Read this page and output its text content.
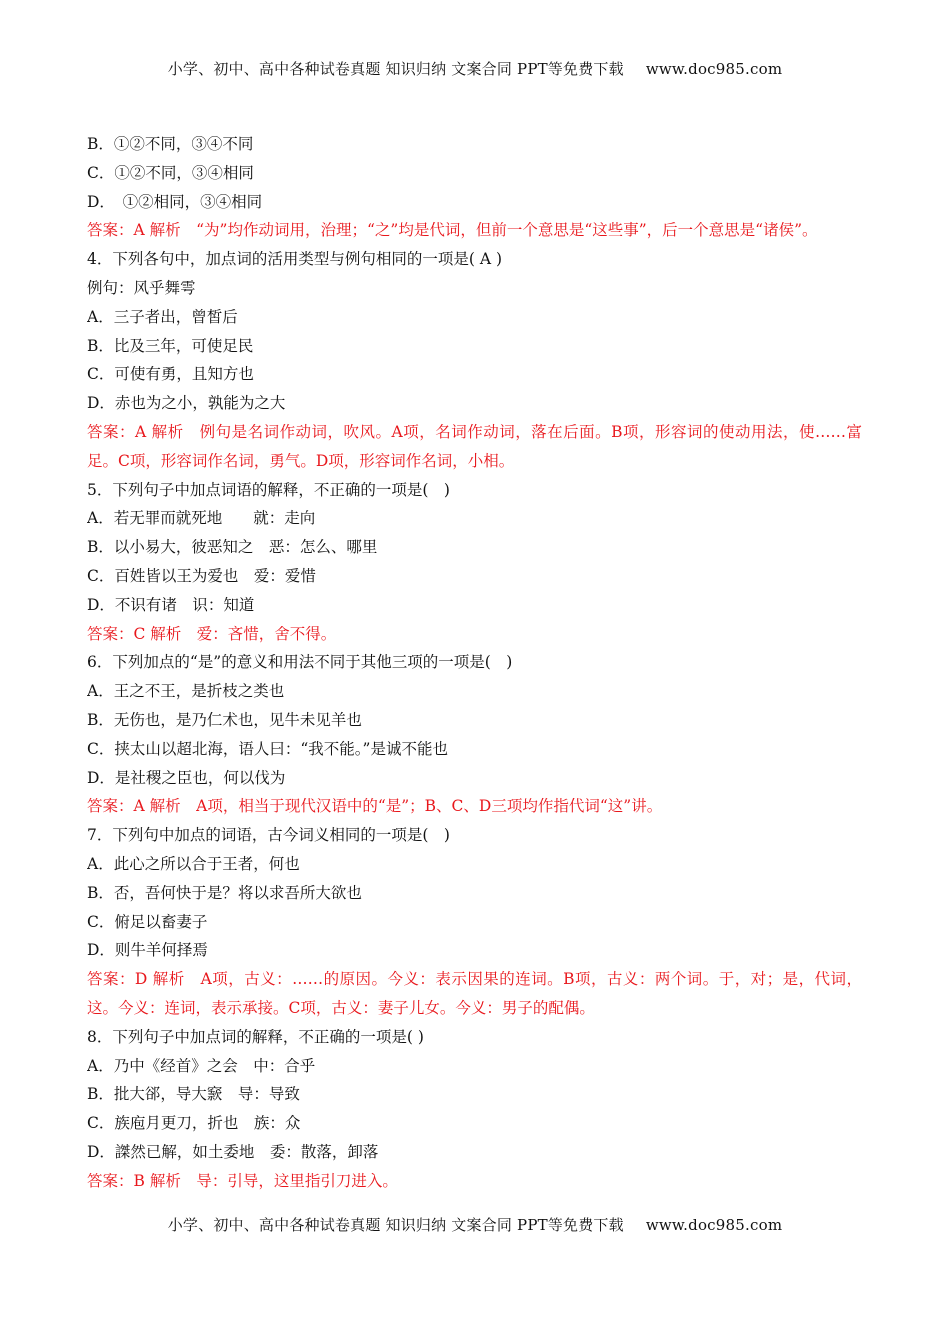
小学、初中、高中各种试卷真题 知识归纳 文案合同 PPT等免费下载 www.doc985.com
B．①②不同，③④不同
C．①②不同，③④相同
D．　①②相同，③④相同
答案：A 解析　“为”均作动词用，治理；“之”均是代词，但前一个意思是“这些事”，后一个意思是“诸侯”。
4．下列各句中，加点词的活用类型与例句相同的一项是( A )
例句：风乎舞雩
A．三子者出，曾皙后
B．比及三年，可使足民
C．可使有勇，且知方也
D．赤也为之小，孰能为之大
答案：A 解析　例句是名词作动词，吹风。A项，名词作动词，落在后面。B项，形容词的使动用法，使……富足。C项，形容词作名词，勇气。D项，形容词作名词，小相。
5．下列句子中加点词语的解释，不正确的一项是(　)
A．若无罪而就死地　　就：走向
B．以小易大，彼恶知之　恶：怎么、哪里
C．百姓皆以王为爱也　爱：爱惜
D．不识有诸　识：知道
答案：C 解析　爱：吝惜，舍不得。
6．下列加点的“是”的意义和用法不同于其他三项的一项是(　)
A．王之不王，是折枝之类也
B．无伤也，是乃仁术也，见牛未见羊也
C．挟太山以超北海，语人曰：“我不能。”是诚不能也
D．是社稷之臣也，何以伐为
答案：A 解析　A项，相当于现代汉语中的“是”；B、C、D三项均作指代词“这”讲。
7．下列句中加点的词语，古今词义相同的一项是(　)
A．此心之所以合于王者，何也
B．否，吾何快于是？将以求吾所大欲也
C．俯足以畜妻子
D．则牛羊何择焉
答案：D 解析　A项，古义：……的原因。今义：表示因果的连词。B项，古义：两个词。于，对；是，代词，这。今义：连词，表示承接。C项，古义：妻子儿女。今义：男子的配偶。
8．下列句子中加点词的解释，不正确的一项是( )
A．乃中《经首》之会　中：合乎
B．批大郤，导大窾　导：导致
C．族庖月更刀，折也　族：众
D．謋然已解，如土委地　委：散落，卸落
答案：B 解析　导：引导，这里指引刀进入。
小学、初中、高中各种试卷真题 知识归纳 文案合同 PPT等免费下载 www.doc985.com
